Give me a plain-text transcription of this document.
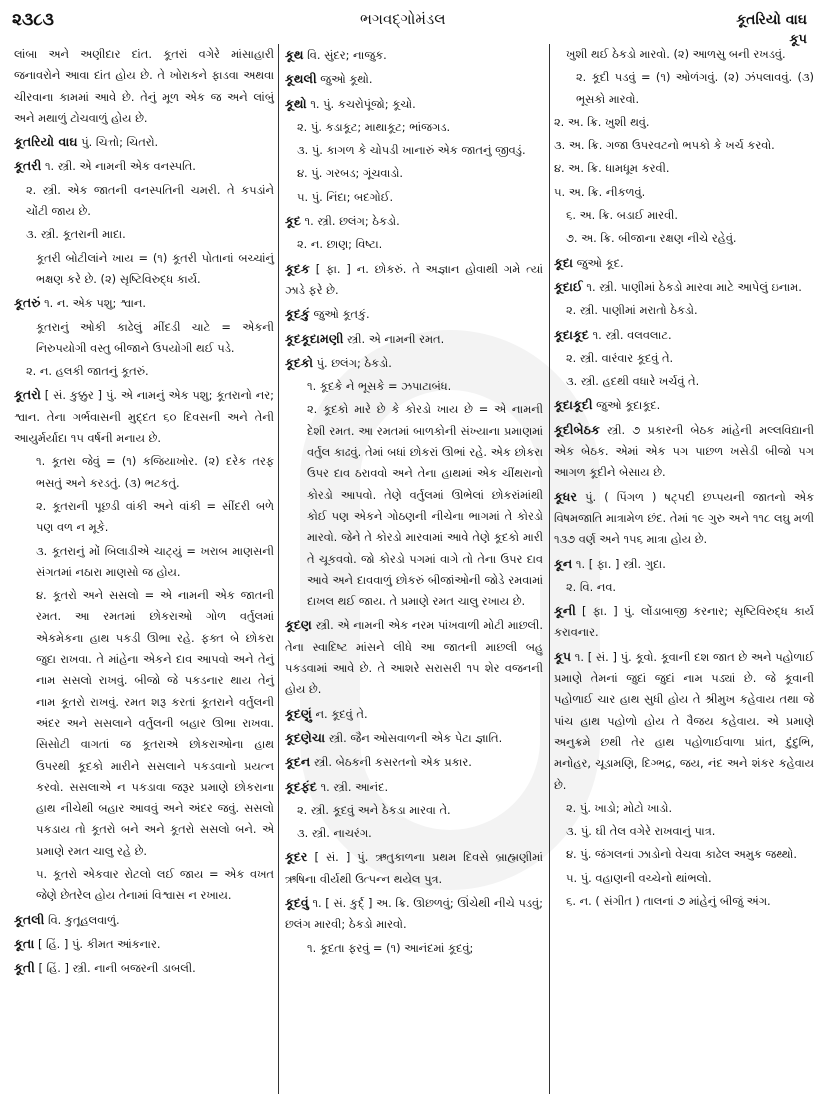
૨૩૮૩	ભગવદ્ગોમંડલ	કૂતરિયો વાઘ
કૂપ
લાંબા અને અણીદાર દાંત. કૂતરાં વગેરે માંસાહારી જનાવરોને આવા દાંત હોય છે. તે ખોરાકને ફાડવા અથવા ચીરવાના કામમાં આવે છે. તેનું મૂળ એક જ અને લાંબું અને મથાળું ટોચવાળું હોય છે.
કૂતરિયો વાઘ પું. ચિત્તો; ચિતરો.
કૂતરી ૧. સ્ત્રી. એ નામની એક વનસ્પતિ.
૨. સ્ત્રી. એક જાતની વનસ્પતિની ચમરી. તે કપડાંને ચોંટી જાય છે.
૩. સ્ત્રી. કૂતરાની માદા.
કૂતરી બોટીલાંને ખાય = (૧) કૂતરી પોતાનાં બચ્ચાંનું ભક્ષણ કરે છે. (૨) સૃષ્ટિવિરુદ્ધ કાર્ય.
કૂતરું ૧. ન. એક પશુ; શ્વાન.
કૂતરાનું ઓકી કાઢેલું મીંદડી ચાટે = એકની નિરુપયોગી વસ્તુ બીજાને ઉપયોગી થઈ પડે.
૨. ન. હલકી જાતનું કૂતરું.
કૂતરો [ સં. કુક્કુર ] પું. એ નામનું એક પશુ; કૂતરાનો નર; શ્વાન. તેના ગર્ભવાસની મુદ્દત ૬૦ દિવસની અને તેની આયુર્મર્યાદા ૧૫ વર્ષની મનાય છે.
૧. કૂતરા જેવું = (૧) કજિયાખોર. (૨) દરેક તરફ ભસતું અને કરડતું. (૩) ભટકતું.
૨. કૂતરાની પૂછડી વાંકી અને વાંકી = સીંદરી બળે પણ વળ ન મૂકે.
૩. કૂતરાનું મોં બિલાડીએ ચાટ્યું = ખરાબ માણસની સંગતમાં નઠારા માણસો જ હોય.
૪. કૂતરો અને સસલો = એ નામની એક જાતની રમત. આ રમતમાં છોકરાઓ ગોળ વર્તુલમાં એકમેકના હાથ પકડી ઊભા રહે. ફક્ત બે છોકરા જુદા રાખવા. તે માંહેના એકને દાવ આપવો અને તેનું નામ સસલો રાખવું. બીજો જે પકડનાર થાય તેનું નામ કૂતરો રાખવું. રમત શરૂ કરતાં કૂતરાને વર્તુલની અંદર અને સસલાને વર્તુલની બહાર ઊભા રાખવા. સિસોટી વાગતાં જ કૂતરાએ છોકરાઓના હાથ ઉપરથી કૂદકો મારીને સસલાને પકડવાનો પ્રયત્ન કરવો. સસલાએ ન પકડાવા જરૂર પ્રમાણે છોકરાના હાથ નીચેથી બહાર આવવું અને અંદર જવું. સસલો પકડાય તો કૂતરો બને અને કૂતરો સસલો બને. એ પ્રમાણે રમત ચાલુ રહે છે.
૫. કૂતરો એકવાર રોટલો લઈ જાય = એક વખત જેણે છેતરેલ હોય તેનામાં વિશ્વાસ ન રખાય.
કૂતલી વિ. કુતૂહલવાળું.
કૂતા [ હિં. ] પું. કીમત આંકનાર.
કૂતી [ હિં. ] સ્ત્રી. નાની બજરની ડાબલી.
કૂથ વિ. સુંદર; નાજુક.
કૂથલી જુઓ કૂથો.
કૂથો ૧. પું. કચરોપૂંજો; કૂચો.
૨. પું. કડાકૂટ; માથાકૂટ; ભાંજગડ.
૩. પું. કાગળ કે ચોપડી ખાનારું એક જાતનું જીવડું.
૪. પું. ગરબડ; ગૂંચવાડો.
૫. પું. નિંદા; બદગોઈ.
કૂદ ૧. સ્ત્રી. છલંગ; ઠેકડો.
૨. ન. છાણ; વિષ્ટા.
કૂદક [ ફા. ] ન. છોકરું. તે અજ્ઞાન હોવાથી ગમે ત્યાં ઝાડે ફરે છે.
કૂદકું જુઓ કૂતકું.
કૂદકૂદામણી સ્ત્રી. એ નામની રમત.
કૂદકો પું. છલંગ; ઠેકડો.
૧. કૂદકે ને ભૂસકે = ઝપાટાબંધ.
૨. કૂદકો મારે છે કે કોરડો ખાય છે = એ નામની દેશી રમત. આ રમતમાં બાળકોની સંખ્યાના પ્રમાણમાં વર્તુલ કાઢવું. તેમાં બધાં છોકરાં ઊભાં રહે. એક છોકરા ઉપર દાવ ઠરાવવો અને તેના હાથમાં એક ચીંથરાનો કોરડો આપવો. તેણે વર્તુલમાં ઊભેલાં છોકરાંમાંથી કોઈ પણ એકને ગોઠણની નીચેના ભાગમાં તે કોરડો મારવો. જેને તે કોરડો મારવામાં આવે તેણે કૂદકો મારી તે ચૂકવવો. જો કોરડો પગમાં વાગે તો તેના ઉપર દાવ આવે અને દાવવાળું છોકરું બીજાંઓની જોડે રમવામાં દાખલ થઈ જાય. તે પ્રમાણે રમત ચાલુ રખાય છે.
કૂદણ સ્ત્રી. એ નામની એક નરમ પાંખવાળી મોટી માછલી. તેના સ્વાદિષ્ટ માંસને લીધે આ જાતની માછલી બહુ પકડવામાં આવે છે. તે આશરે સરાસરી ૧૫ શેર વજનની હોય છે.
કૂદણું ન. કૂદવું તે.
કૂદણેચા સ્ત્રી. જૈન ઓસવાળની એક પેટા જ્ઞાતિ.
કૂદન સ્ત્રી. બેઠકની કસરતનો એક પ્રકાર.
કૂદફંદ ૧. સ્ત્રી. આનંદ.
૨. સ્ત્રી. કૂદવું અને ઠેકડા મારવા તે.
૩. સ્ત્રી. નાચરંગ.
કૂદર [ સં. ] પું. ઋતુકાળના પ્રથમ દિવસે બ્રાહ્મણીમાં ઋષિના વીર્યથી ઉત્પન્ન થયેલ પુત્ર.
કૂદવું ૧. [ સં. કુર્દ્ ] અ. ક્રિ. ઊછળવું; ઊંચેથી નીચે પડવું; છલંગ મારવી; ઠેકડો મારવો.
૧. કૂદતા ફરવું = (૧) આનંદમાં કૂદવું;
ખુશી થઈ ઠેકડો મારવો. (૨) આળસુ બની રખડવું.
૨. કૂદી પડવું = (૧) ઓળંગવું. (૨) ઝંપલાવવું. (૩) ભૂસકો મારવો.
૨. અ. ક્રિ. ખુશી થવું.
૩. અ. ક્રિ. ગજા ઉપરવટનો ભપકો કે ખર્ચ કરવો.
૪. અ. ક્રિ. ધામધૂમ કરવી.
૫. અ. ક્રિ. નીકળવું.
૬. અ. ક્રિ. બડાઈ મારવી.
૭. અ. ક્રિ. બીજાના રક્ષણ નીચે રહેવું.
કૂદા જુઓ કૂદ.
કૂદાઈ ૧. સ્ત્રી. પાણીમાં ઠેકડો મારવા માટે આપેલું ઇનામ.
૨. સ્ત્રી. પાણીમાં મરાતો ઠેકડો.
કૂદાકૂદ ૧. સ્ત્રી. વલવલાટ.
૨. સ્ત્રી. વારંવાર કૂદવું તે.
૩. સ્ત્રી. હદથી વધારે ખર્ચવું તે.
કૂદાકૂદી જુઓ કૂદાકૂદ.
કૂદીબેઠક સ્ત્રી. ૭ પ્રકારની બેઠક માંહેની મલ્લવિદ્યાની એક બેઠક. એમાં એક પગ પાછળ ખસેડી બીજો પગ આગળ કૂદીને બેસાય છે.
કૂધર પું. ( પિંગળ ) ષટ્પદી છપ્પયની જાતનો એક વિષમજાતિ માત્રામેળ છંદ. તેમાં ૧૯ ગુરુ અને ૧૧૮ લઘુ મળી ૧૩૭ વર્ણ અને ૧૫૬ માત્રા હોય છે.
કૂન ૧. [ ફા. ] સ્ત્રી. ગુદા.
૨. વિ. નવ.
કૂની [ ફા. ] પું. લોંડાબાજી કરનાર; સૃષ્ટિવિરુદ્ધ કાર્ય કરાવનાર.
કૂપ ૧. [ સં. ] પું. કૂવો. કૂવાની દશ જાત છે અને પહોળાઈ પ્રમાણે તેમનાં જુદાં જુદાં નામ પડ્યાં છે. જે કૂવાની પહોળાઈ ચાર હાથ સુધી હોય તે શ્રીમુખ કહેવાય તથા જે પાંચ હાથ પહોળો હોય તે વૈજય કહેવાય. એ પ્રમાણે અનુક્રમે છથી તેર હાથ પહોળાઈવાળા પ્રાંત, દુંદુભિ, મનોહર, ચૂડામણિ, દિગ્ભદ્ર, જય, નંદ અને શંકર કહેવાય છે.
૨. પું. ખાડો; મોટો ખાડો.
૩. પું. ઘી તેલ વગેરે રાખવાનું પાત્ર.
૪. પું. જંગલનાં ઝાડોનો વેચવા કાઢેલ અમુક જથ્થો.
૫. પું. વહાણની વચ્ચેનો થાંભલો.
૬. ન. ( સંગીત ) તાલનાં ૭ માંહેનું બીજું અંગ.
